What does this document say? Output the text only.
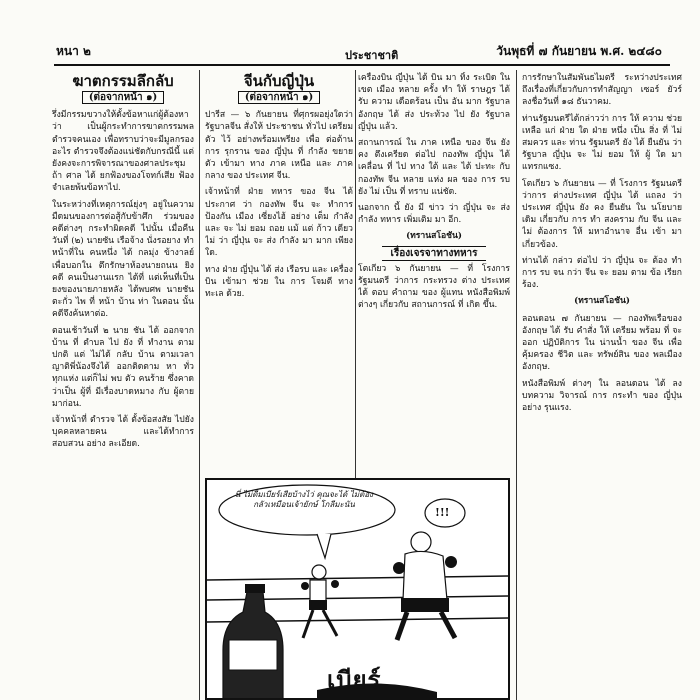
หนา ๒	ประชาชาติ	วันพุธที่ ๗ กันยายน พ.ศ. ๒๔๘๐
ฆาตกรรมลึกลับ
(ต่อจากหน้า ๑)

รึ่งมีกรรมขวางให้ตั้งข้อหาแก่ผู้ต้องหาว่า เป็นผู้กระทำการฆาตกรรมพลตำรวจคนเอง เพื่อทราบว่าจะมีมูลกรองอะไร ตำรวจจึงต้องแน่ชัดกับกรณีนี้ แต่ยังคงจะการพิจารณาของศาลประชุม ถ้า ศาล ได้ ยกฟ้องของโจทก์เสีย ฟ้องจำเลยพ้นข้อหาไป.

ในระหว่างที่เหตุการณ์ยุ่งๆ อยู่ในความมืดมนของการต่อสู้กับข้าศึก ร่วมของคดีต่างๆ กระทำผิดคดี ไปนั้น เมื่อคืนวันที่ (๒) นายซัน เรือจ้าง นั่งรอยาง ทำหน้าที่ใน คนหนึ่ง ได้ กลมุ่ง ข้างาลย์ เพื่อบอกใน ตึกรักษาห้องนายถนน ยิงคดี คนเป็นงานแรก ได้ที่ แต่เห็นที่เป็นยงของนายภายหลัง ได้พบศพ นายชัน ตะกั่ว ไพ ที่ หน้า บ้าน ท่า ในตอน นั้นคดีจึงค้นหาต่อ.

ตอนเช้าวันที่ ๒ นาย ชัน ได้ ออกจากบ้าน ที่ ตำบล ไป ยัง ที่ ทำงาน ตามปกติ แต่ ไม่ได้ กลับ บ้าน ตามเวลา ญาติพี่น้องจึงได้ ออกติดตาม หา ทั่ว ทุกแห่ง แต่ก็ไม่ พบ ตัว คนร้าย ซึ่งคาดว่าเป็น ผู้ที่ มีเรื่องบาดหมาง กับ ผู้ตาย มาก่อน.

เจ้าหน้าที่ ตำรวจ ได้ ตั้งข้อสงสัย ไปยังบุคคลหลายคน และได้ทำการ สอบสวน อย่าง ละเอียด.

จีนกับญี่ปุ่น
(ต่อจากหน้า ๑)

ปารีส — ๖ กันยายน ที่ศุกรผอยุ่งใดว่ารัฐบาลจีน สั่งให้ ประชาชน ทั่วไป เตรียม ตัว ไว้ อย่างพร้อมเพรียง เพื่อ ต่อต้าน การ รุกราน ของ ญี่ปุ่น ที่ กำลัง ขยาย ตัว เข้ามา ทาง ภาค เหนือ และ ภาค กลาง ของ ประเทศ จีน.

เจ้าหน้าที่ ฝ่าย ทหาร ของ จีน ได้ ประกาศ ว่า กองทัพ จีน จะ ทำการ ป้องกัน เมือง เซี่ยงไฮ้ อย่าง เต็ม กำลัง และ จะ ไม่ ยอม ถอย แม้ แต่ ก้าว เดียว ไม่ ว่า ญี่ปุ่น จะ ส่ง กำลัง มา มาก เพียง ใด.

ทาง ฝ่าย ญี่ปุ่น ได้ ส่ง เรือรบ และ เครื่องบิน เข้ามา ช่วย ใน การ โจมตี ทาง ทะเล ด้วย.

เครื่องบิน ญี่ปุ่น ได้ บิน มา ทิ้ง ระเบิด ใน เขต เมือง หลาย ครั้ง ทำ ให้ ราษฎร ได้ รับ ความ เดือดร้อน เป็น อัน มาก รัฐบาล อังกฤษ ได้ ส่ง ประท้วง ไป ยัง รัฐบาล ญี่ปุ่น แล้ว.

สถานการณ์ ใน ภาค เหนือ ของ จีน ยัง คง ตึงเครียด ต่อไป กองทัพ ญี่ปุ่น ได้ เคลื่อน ที่ ไป ทาง ใต้ และ ได้ ปะทะ กับ กองทัพ จีน หลาย แห่ง ผล ของ การ รบ ยัง ไม่ เป็น ที่ ทราบ แน่ชัด.

นอกจาก นี้ ยัง มี ข่าว ว่า ญี่ปุ่น จะ ส่ง กำลัง ทหาร เพิ่มเติม มา อีก.

(ทรานสโอชัน)
เรื่องเจรจาทางทหาร

โตเกียว ๖ กันยายน — ที่ โรงการ รัฐมนตรี ว่าการ กระทรวง ต่าง ประเทศ ได้ ตอบ คำถาม ของ ผู้แทน หนังสือพิมพ์ ต่างๆ เกี่ยวกับ สถานการณ์ ที่ เกิด ขึ้น.

การรักษาในสัมพันธไมตรี ระหว่างประเทศ ถึงเรื่องที่เกี่ยวกับการทำสัญญา เซอร์ ยัวร์ ลงชื่อวันที่ ๑๘ ธันวาคม.

ท่านรัฐมนตรีได้กล่าวว่า การ ให้ ความ ช่วยเหลือ แก่ ฝ่าย ใด ฝ่าย หนึ่ง เป็น สิ่ง ที่ ไม่ สมควร และ ท่าน รัฐมนตรี ยัง ได้ ยืนยัน ว่า รัฐบาล ญี่ปุ่น จะ ไม่ ยอม ให้ ผู้ ใด มา แทรกแซง.

โตเกียว ๖ กันยายน — ที่ โรงการ รัฐมนตรีว่าการ ต่างประเทศ ญี่ปุ่น ได้ แถลง ว่า ประเทศ ญี่ปุ่น ยัง คง ยืนยัน ใน นโยบาย เดิม เกี่ยวกับ การ ทำ สงคราม กับ จีน และ ไม่ ต้องการ ให้ มหาอำนาจ อื่น เข้า มา เกี่ยวข้อง.

ท่านได้ กล่าว ต่อไป ว่า ญี่ปุ่น จะ ต้อง ทำ การ รบ จน กว่า จีน จะ ยอม ตาม ข้อ เรียก ร้อง.

(ทรานสโอชัน)

ลอนดอน ๗ กันยายน — กองทัพเรือของ อังกฤษ ได้ รับ คำสั่ง ให้ เตรียม พร้อม ที่ จะ ออก ปฏิบัติการ ใน น่านน้ำ ของ จีน เพื่อ คุ้มครอง ชีวิต และ ทรัพย์สิน ของ พลเมือง อังกฤษ.

หนังสือพิมพ์ ต่างๆ ใน ลอนดอน ได้ ลง บทความ วิจารณ์ การ กระทำ ของ ญี่ปุ่น อย่าง รุนแรง.

นี่ ไม่ดื่มเบียร์เสียบ้างไว่ คุณจะได้ ไม่ต้องกลัวเหมือนเจ้ายักษ์ โกลีมะนัน
!!!
เบียร์
